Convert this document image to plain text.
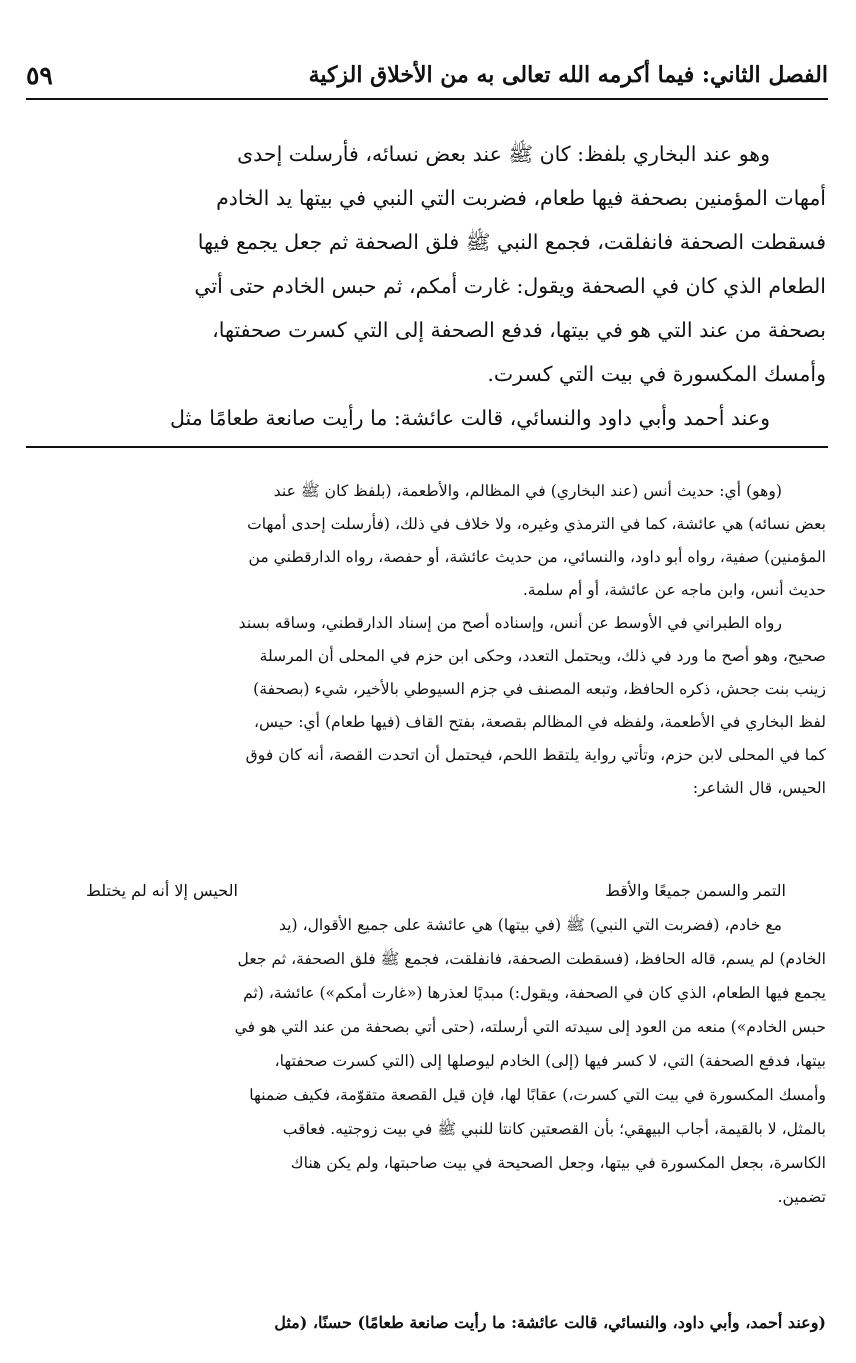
الفصل الثاني: فيما أكرمه الله تعالى به من الأخلاق الزكية
٥٩

وهو عند البخاري بلفظ: كان ﷺ عند بعض نسائه، فأرسلت إحدى

أمهات المؤمنين بصحفة فيها طعام، فضربت التي النبي في بيتها يد الخادم

فسقطت الصحفة فانفلقت، فجمع النبي ﷺ فلق الصحفة ثم جعل يجمع فيها

الطعام الذي كان في الصحفة ويقول: غارت أمكم، ثم حبس الخادم حتى أتي

بصحفة من عند التي هو في بيتها، فدفع الصحفة إلى التي كسرت صحفتها،

وأمسك المكسورة في بيت التي كسرت.

وعند أحمد وأبي داود والنسائي، قالت عائشة: ما رأيت صانعة طعامًا مثل

(وهو) أي: حديث أنس (عند البخاري) في المظالم، والأطعمة، (بلفظ كان ﷺ عند

بعض نسائه) هي عائشة، كما في الترمذي وغيره، ولا خلاف في ذلك، (فأرسلت إحدى أمهات

المؤمنين) صفية، رواه أبو داود، والنسائي، من حديث عائشة، أو حفصة، رواه الدارقطني من

حديث أنس، وابن ماجه عن عائشة، أو أم سلمة.

رواه الطبراني في الأوسط عن أنس، وإسناده أصح من إسناد الدارقطني، وساقه بسند

صحيح، وهو أصح ما ورد في ذلك، ويحتمل التعدد، وحكى ابن حزم في المحلى أن المرسلة

زينب بنت جحش، ذكره الحافظ، وتبعه المصنف في جزم السيوطي بالأخير، شيء (بصحفة)

لفظ البخاري في الأطعمة، ولفظه في المظالم بقصعة، بفتح القاف (فيها طعام) أي: حيس،

كما في المحلى لابن حزم، وتأتي رواية يلتقط اللحم، فيحتمل أن اتحدت القصة، أنه كان فوق

الحيس، قال الشاعر:

التمر والسمن جميعًا والأقط
الحيس إلا أنه لم يختلط

مع خادم، (فضربت التي النبي) ﷺ (في بيتها) هي عائشة على جميع الأقوال، (يد

الخادم) لم يسم، قاله الحافظ، (فسقطت الصحفة، فانفلقت، فجمع ﷺ فلق الصحفة، ثم جعل

يجمع فيها الطعام، الذي كان في الصحفة، ويقول:) مبديًا لعذرها («غارت أمكم») عائشة، (ثم

حبس الخادم») منعه من العود إلى سيدته التي أرسلته، (حتى أتي بصحفة من عند التي هو في

بيتها، فدفع الصحفة) التي، لا كسر فيها (إلى) الخادم ليوصلها إلى (التي كسرت صحفتها،

وأمسك المكسورة في بيت التي كسرت،) عقابًا لها، فإن قيل القصعة متقوّمة، فكيف ضمنها

بالمثل، لا بالقيمة، أجاب البيهقي؛ بأن القصعتين كانتا للنبي ﷺ في بيت زوجتيه. فعاقب

الكاسرة، بجعل المكسورة في بيتها، وجعل الصحيحة في بيت صاحبتها، ولم يكن هناك

تضمين.

(وعند أحمد، وأبي داود، والنسائي، قالت عائشة: ما رأيت صانعة طعامًا) حسنًا، (مثل
